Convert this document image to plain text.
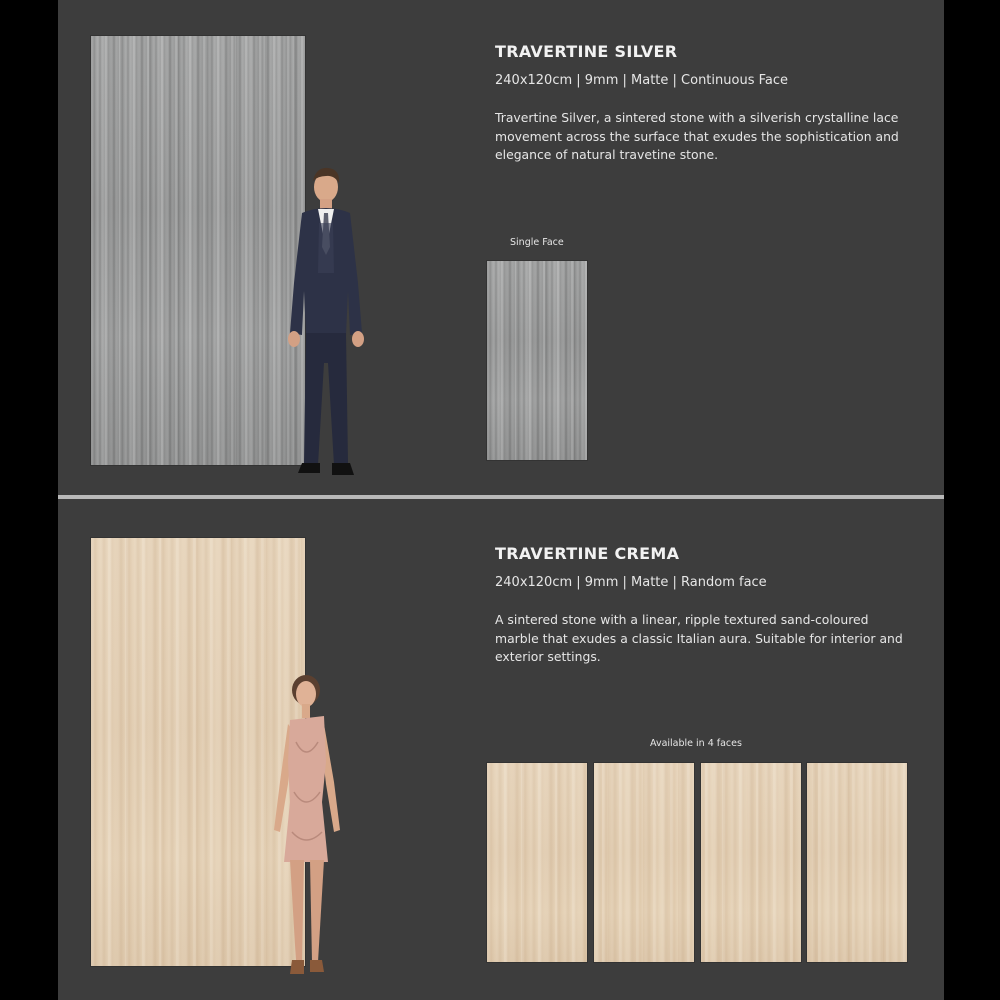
TRAVERTINE SILVER

240x120cm | 9mm | Matte | Continuous Face

Travertine Silver, a sintered stone with a silverish crystalline lace movement across the surface that exudes the sophistication and elegance of natural travetine stone.

Single Face

TRAVERTINE CREMA

240x120cm | 9mm | Matte | Random face

A sintered stone with a linear, ripple textured sand-coloured marble that exudes a classic Italian aura. Suitable for interior and exterior settings.

Available in 4 faces
